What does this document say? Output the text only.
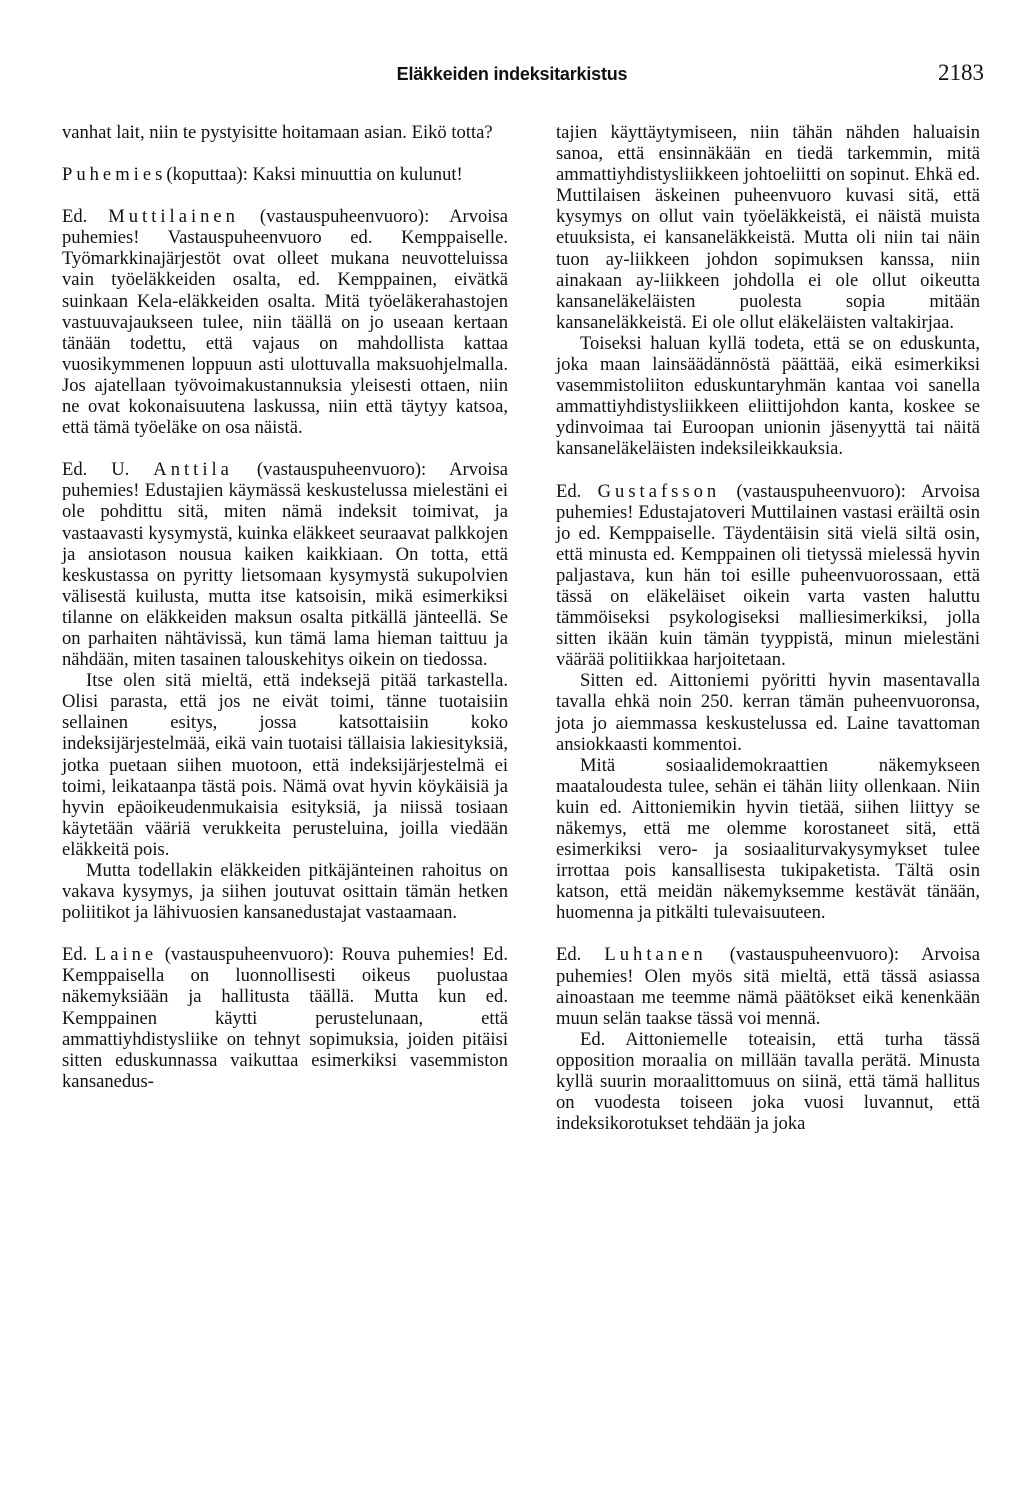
Eläkkeiden indeksitarkistus	2183

vanhat lait, niin te pystyisitte hoitamaan asian. Eikö totta?

Puhemies(koputtaa): Kaksi minuuttia on kulunut!

Ed. Muttilainen (vastauspuheenvuoro): Arvoisa puhemies! Vastauspuheenvuoro ed. Kemppaiselle. Työmarkkinajärjestöt ovat olleet mukana neuvotteluissa vain työeläkkeiden osalta, ed. Kemppainen, eivätkä suinkaan Kela-eläkkeiden osalta. Mitä työeläkerahastojen vastuuvajaukseen tulee, niin täällä on jo useaan kertaan tänään todettu, että vajaus on mahdollista kattaa vuosikymmenen loppuun asti ulottuvalla maksuohjelmalla. Jos ajatellaan työvoimakustannuksia yleisesti ottaen, niin ne ovat kokonaisuutena laskussa, niin että täytyy katsoa, että tämä työeläke on osa näistä.

Ed. U. Anttila (vastauspuheenvuoro): Arvoisa puhemies! Edustajien käymässä keskustelussa mielestäni ei ole pohdittu sitä, miten nämä indeksit toimivat, ja vastaavasti kysymystä, kuinka eläkkeet seuraavat palkkojen ja ansiotason nousua kaiken kaikkiaan. On totta, että keskustassa on pyritty lietsomaan kysymystä sukupolvien välisestä kuilusta, mutta itse katsoisin, mikä esimerkiksi tilanne on eläkkeiden maksun osalta pitkällä jänteellä. Se on parhaiten nähtävissä, kun tämä lama hieman taittuu ja nähdään, miten tasainen talouskehitys oikein on tiedossa.

Itse olen sitä mieltä, että indeksejä pitää tarkastella. Olisi parasta, että jos ne eivät toimi, tänne tuotaisiin sellainen esitys, jossa katsottaisiin koko indeksijärjestelmää, eikä vain tuotaisi tällaisia lakiesityksiä, jotka puetaan siihen muotoon, että indeksijärjestelmä ei toimi, leikataanpa tästä pois. Nämä ovat hyvin köykäisiä ja hyvin epäoikeudenmukaisia esityksiä, ja niissä tosiaan käytetään vääriä verukkeita perusteluina, joilla viedään eläkkeitä pois.

Mutta todellakin eläkkeiden pitkäjänteinen rahoitus on vakava kysymys, ja siihen joutuvat osittain tämän hetken poliitikot ja lähivuosien kansanedustajat vastaamaan.

Ed. Laine (vastauspuheenvuoro): Rouva puhemies! Ed. Kemppaisella on luonnollisesti oikeus puolustaa näkemyksiään ja hallitusta täällä. Mutta kun ed. Kemppainen käytti perustelunaan, että ammattiyhdistysliike on tehnyt sopimuksia, joiden pitäisi sitten eduskunnassa vaikuttaa esimerkiksi vasemmiston kansanedus-

tajien käyttäytymiseen, niin tähän nähden haluaisin sanoa, että ensinnäkään en tiedä tarkemmin, mitä ammattiyhdistysliikkeen johtoeliitti on sopinut. Ehkä ed. Muttilaisen äskeinen puheenvuoro kuvasi sitä, että kysymys on ollut vain työeläkkeistä, ei näistä muista etuuksista, ei kansaneläkkeistä. Mutta oli niin tai näin tuon ay-liikkeen johdon sopimuksen kanssa, niin ainakaan ay-liikkeen johdolla ei ole ollut oikeutta kansaneläkeläisten puolesta sopia mitään kansaneläkkeistä. Ei ole ollut eläkeläisten valtakirjaa.

Toiseksi haluan kyllä todeta, että se on eduskunta, joka maan lainsäädännöstä päättää, eikä esimerkiksi vasemmistoliiton eduskuntaryhmän kantaa voi sanella ammattiyhdistysliikkeen eliittijohdon kanta, koskee se ydinvoimaa tai Euroopan unionin jäsenyyttä tai näitä kansaneläkeläisten indeksileikkauksia.

Ed. Gustafsson (vastauspuheenvuoro): Arvoisa puhemies! Edustajatoveri Muttilainen vastasi eräiltä osin jo ed. Kemppaiselle. Täydentäisin sitä vielä siltä osin, että minusta ed. Kemppainen oli tietyssä mielessä hyvin paljastava, kun hän toi esille puheenvuorossaan, että tässä on eläkeläiset oikein varta vasten haluttu tämmöiseksi psykologiseksi malliesimerkiksi, jolla sitten ikään kuin tämän tyyppistä, minun mielestäni väärää politiikkaa harjoitetaan.

Sitten ed. Aittoniemi pyöritti hyvin masentavalla tavalla ehkä noin 250. kerran tämän puheenvuoronsa, jota jo aiemmassa keskustelussa ed. Laine tavattoman ansiokkaasti kommentoi.

Mitä sosiaalidemokraattien näkemykseen maataloudesta tulee, sehän ei tähän liity ollenkaan. Niin kuin ed. Aittoniemikin hyvin tietää, siihen liittyy se näkemys, että me olemme korostaneet sitä, että esimerkiksi vero- ja sosiaaliturvakysymykset tulee irrottaa pois kansallisesta tukipaketista. Tältä osin katson, että meidän näkemyksemme kestävät tänään, huomenna ja pitkälti tulevaisuuteen.

Ed. Luhtanen (vastauspuheenvuoro): Arvoisa puhemies! Olen myös sitä mieltä, että tässä asiassa ainoastaan me teemme nämä päätökset eikä kenenkään muun selän taakse tässä voi mennä.

Ed. Aittoniemelle toteaisin, että turha tässä opposition moraalia on millään tavalla perätä. Minusta kyllä suurin moraalittomuus on siinä, että tämä hallitus on vuodesta toiseen joka vuosi luvannut, että indeksikorotukset tehdään ja joka
